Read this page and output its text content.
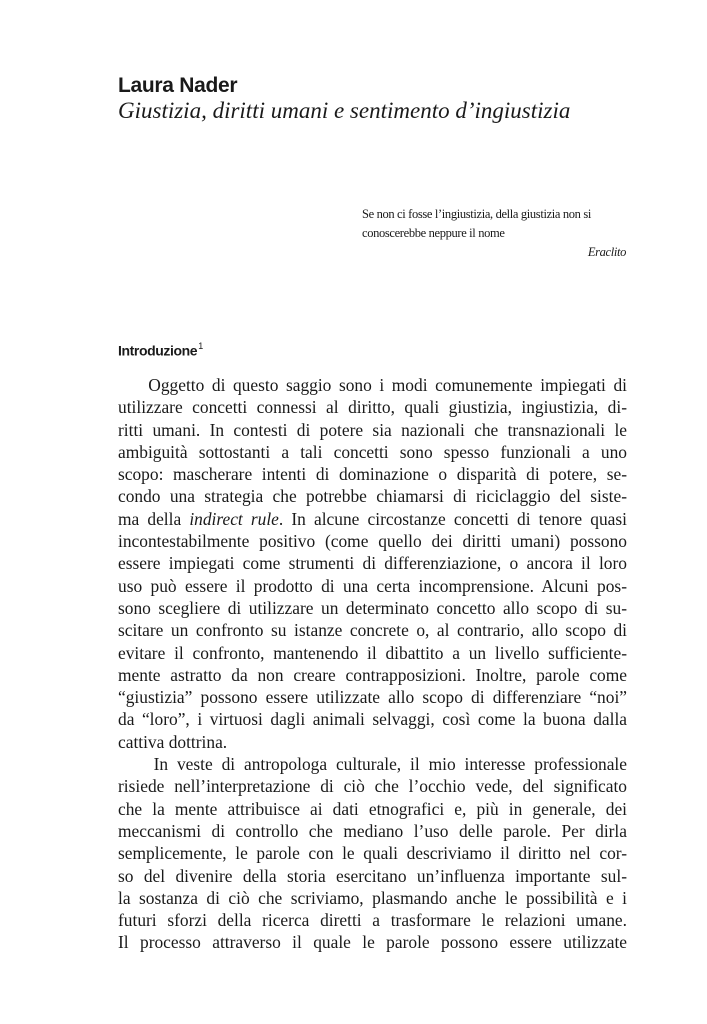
Laura Nader
Giustizia, diritti umani e sentimento d’ingiustizia
Se non ci fosse l’ingiustizia, della giustizia non si
conoscerebbe neppure il nome
Eraclito
Introduzione$^1$
Oggetto di questo saggio sono i modi comunemente impiegati di
utilizzare concetti connessi al diritto, quali giustizia, ingiustizia, di-
ritti umani. In contesti di potere sia nazionali che transnazionali le
ambiguità sottostanti a tali concetti sono spesso funzionali a uno
scopo: mascherare intenti di dominazione o disparità di potere, se-
condo una strategia che potrebbe chiamarsi di riciclaggio del siste-
ma della indirect rule. In alcune circostanze concetti di tenore quasi
incontestabilmente positivo (come quello dei diritti umani) possono
essere impiegati come strumenti di differenziazione, o ancora il loro
uso può essere il prodotto di una certa incomprensione. Alcuni pos-
sono scegliere di utilizzare un determinato concetto allo scopo di su-
scitare un confronto su istanze concrete o, al contrario, allo scopo di
evitare il confronto, mantenendo il dibattito a un livello sufficiente-
mente astratto da non creare contrapposizioni. Inoltre, parole come
“giustizia” possono essere utilizzate allo scopo di differenziare “noi”
da “loro”, i virtuosi dagli animali selvaggi, così come la buona dalla
cattiva dottrina.
In veste di antropologa culturale, il mio interesse professionale
risiede nell’interpretazione di ciò che l’occhio vede, del significato
che la mente attribuisce ai dati etnografici e, più in generale, dei
meccanismi di controllo che mediano l’uso delle parole. Per dirla
semplicemente, le parole con le quali descriviamo il diritto nel cor-
so del divenire della storia esercitano un’influenza importante sul-
la sostanza di ciò che scriviamo, plasmando anche le possibilità e i
futuri sforzi della ricerca diretti a trasformare le relazioni umane.
Il processo attraverso il quale le parole possono essere utilizzate
